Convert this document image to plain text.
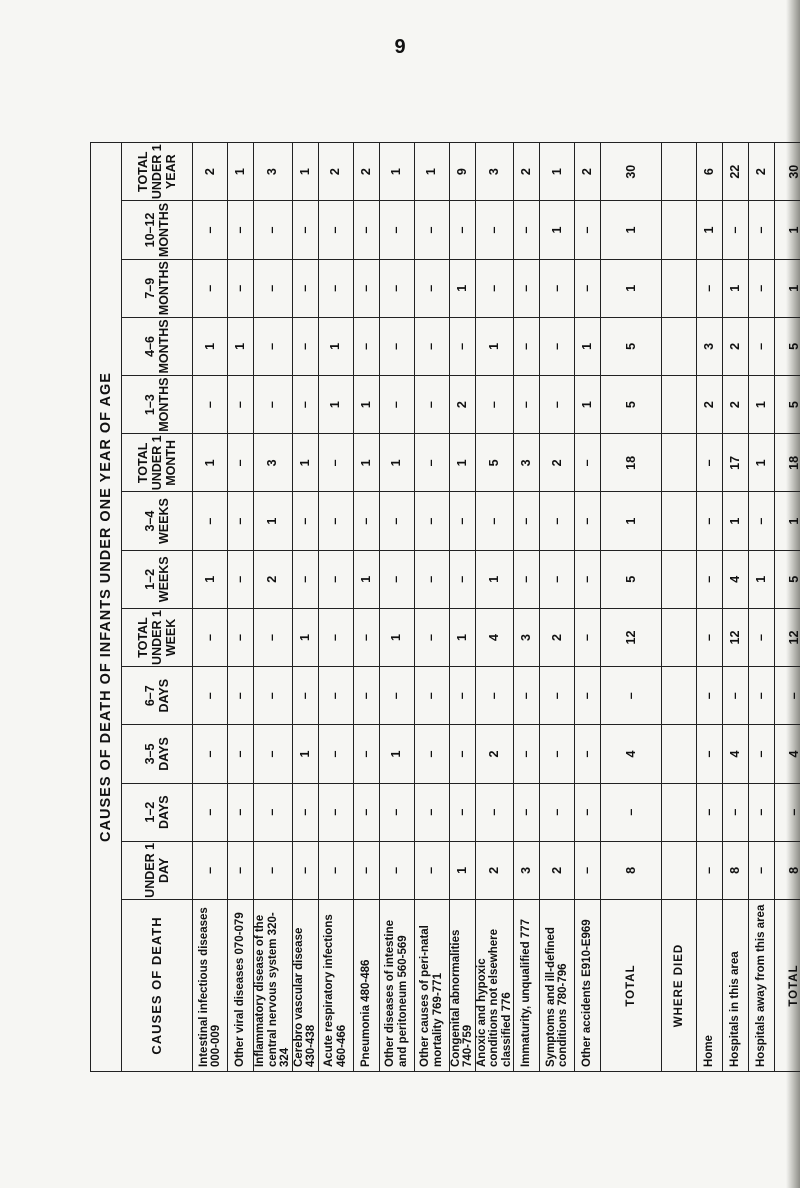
9
CAUSES OF DEATH OF INFANTS UNDER ONE YEAR OF AGE													
CAUSES OF DEATH	UNDER 1 DAY	1–2 DAYS	3–5 DAYS	6–7 DAYS	TOTAL UNDER 1 WEEK	1–2 WEEKS	3–4 WEEKS	TOTAL UNDER 1 MONTH	1–3 MONTHS	4–6 MONTHS	7–9 MONTHS	10–12 MONTHS	TOTAL UNDER 1 YEAR
Intestinal infectious diseases 000-009	–	–	–	–	–	1	–	1	–	1	–	–	2
Other viral diseases 070-079	–	–	–	–	–	–	–	–	–	1	–	–	1
Inflammatory disease of the central nervous system 320-324	–	–	–	–	–	2	1	3	–	–	–	–	3
Cerebro vascular disease 430-438	–	–	1	–	1	–	–	1	–	–	–	–	1
Acute respiratory infections 460-466	–	–	–	–	–	–	–	–	1	1	–	–	2
Pneumonia 480-486	–	–	–	–	–	1	–	1	1	–	–	–	2
Other diseases of intestine and peritoneum 560-569	–	–	1	–	1	–	–	1	–	–	–	–	1
Other causes of peri-natal mortality 769-771	–	–	–	–	–	–	–	–	–	–	–	–	1
Congenital abnormalities 740-759	1	–	–	–	1	–	–	1	2	–	1	–	9
Anoxic and hypoxic conditions not elsewhere classified 776	2	–	2	–	4	1	–	5	–	1	–	–	3
Immaturity, unqualified 777	3	–	–	–	3	–	–	3	–	–	–	–	2
Symptoms and ill-defined conditions 780-796	2	–	–	–	2	–	–	2	–	–	–	1	1
Other accidents E910-E969	–	–	–	–	–	–	–	–	1	1	–	–	2
TOTAL	8	–	4	–	12	5	1	18	5	5	1	1	30
WHERE DIED													
Home	–	–	–	–	–	–	–	–	2	3	–	1	6
Hospitals in this area	8	–	4	–	12	4	1	17	2	2	1	–	22
Hospitals away from this area	–	–	–	–	–	1	–	1	1	–	–	–	2
TOTAL	8	–	4	–	12	5	1	18	5	5	1	1	30
